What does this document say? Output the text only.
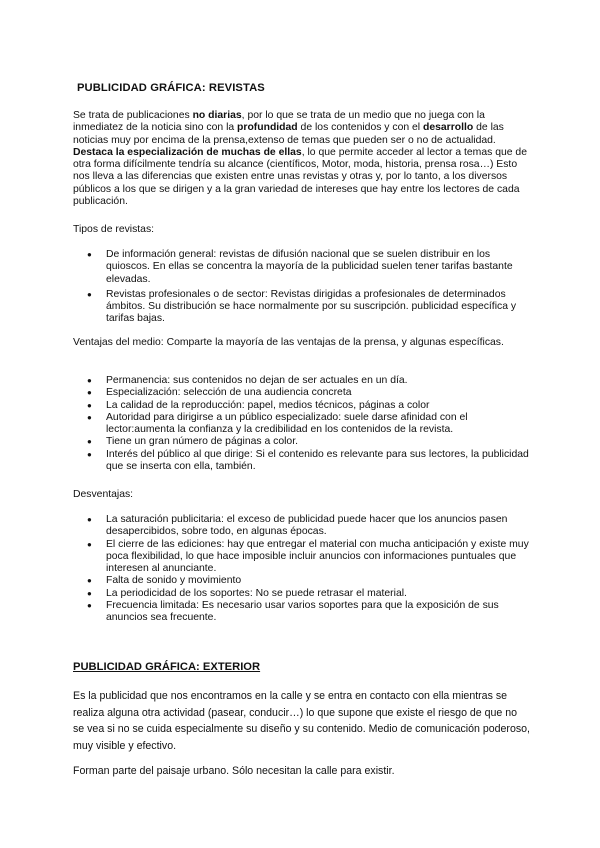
PUBLICIDAD GRÁFICA: REVISTAS
Se trata de publicaciones no diarias, por lo que se trata de un medio que no juega con la inmediatez de la noticia sino con la profundidad de los contenidos y con el desarrollo de las noticias muy por encima de la prensa,extenso de temas que pueden ser o no de actualidad. Destaca la especialización de muchas de ellas, lo que permite acceder al lector a temas que de otra forma difícilmente tendría su alcance (científicos, Motor, moda, historia, prensa rosa…) Esto nos lleva a las diferencias que existen entre unas revistas y otras y, por lo tanto, a los diversos públicos a los que se dirigen y a la gran variedad de intereses que hay entre los lectores de cada publicación.
Tipos de revistas:
● De información general: revistas de difusión nacional que se suelen distribuir en los quioscos. En ellas se concentra la mayoría de la publicidad suelen tener tarifas bastante elevadas.
● Revistas profesionales o de sector: Revistas dirigidas a profesionales de determinados ámbitos. Su distribución se hace normalmente por su suscripción. publicidad específica y tarifas bajas.
Ventajas del medio: Comparte la mayoría de las ventajas de la prensa, y algunas específicas.
● Permanencia: sus contenidos no dejan de ser actuales en un día.
● Especialización: selección de una audiencia concreta
● La calidad de la reproducción: papel, medios técnicos, páginas a color
● Autoridad para dirigirse a un público especializado: suele darse afinidad con el lector:aumenta la confianza y la credibilidad en los contenidos de la revista.
● Tiene un gran número de páginas a color.
● Interés del público al que dirige: Si el contenido es relevante para sus lectores, la publicidad que se inserta con ella, también.
Desventajas:
● La saturación publicitaria: el exceso de publicidad puede hacer que los anuncios pasen desapercibidos, sobre todo, en algunas épocas.
● El cierre de las ediciones: hay que entregar el material con mucha anticipación y existe muy poca flexibilidad, lo que hace imposible incluir anuncios con informaciones puntuales que interesen al anunciante.
● Falta de sonido y movimiento
● La periodicidad de los soportes: No se puede retrasar el material.
● Frecuencia limitada: Es necesario usar varios soportes para que la exposición de sus anuncios sea frecuente.
PUBLICIDAD GRÁFICA: EXTERIOR
Es la publicidad que nos encontramos en la calle y se entra en contacto con ella mientras se realiza alguna otra actividad (pasear, conducir…) lo que supone que existe el riesgo de que no se vea si no se cuida especialmente su diseño y su contenido. Medio de comunicación poderoso, muy visible y efectivo.
Forman parte del paisaje urbano. Sólo necesitan la calle para existir.
